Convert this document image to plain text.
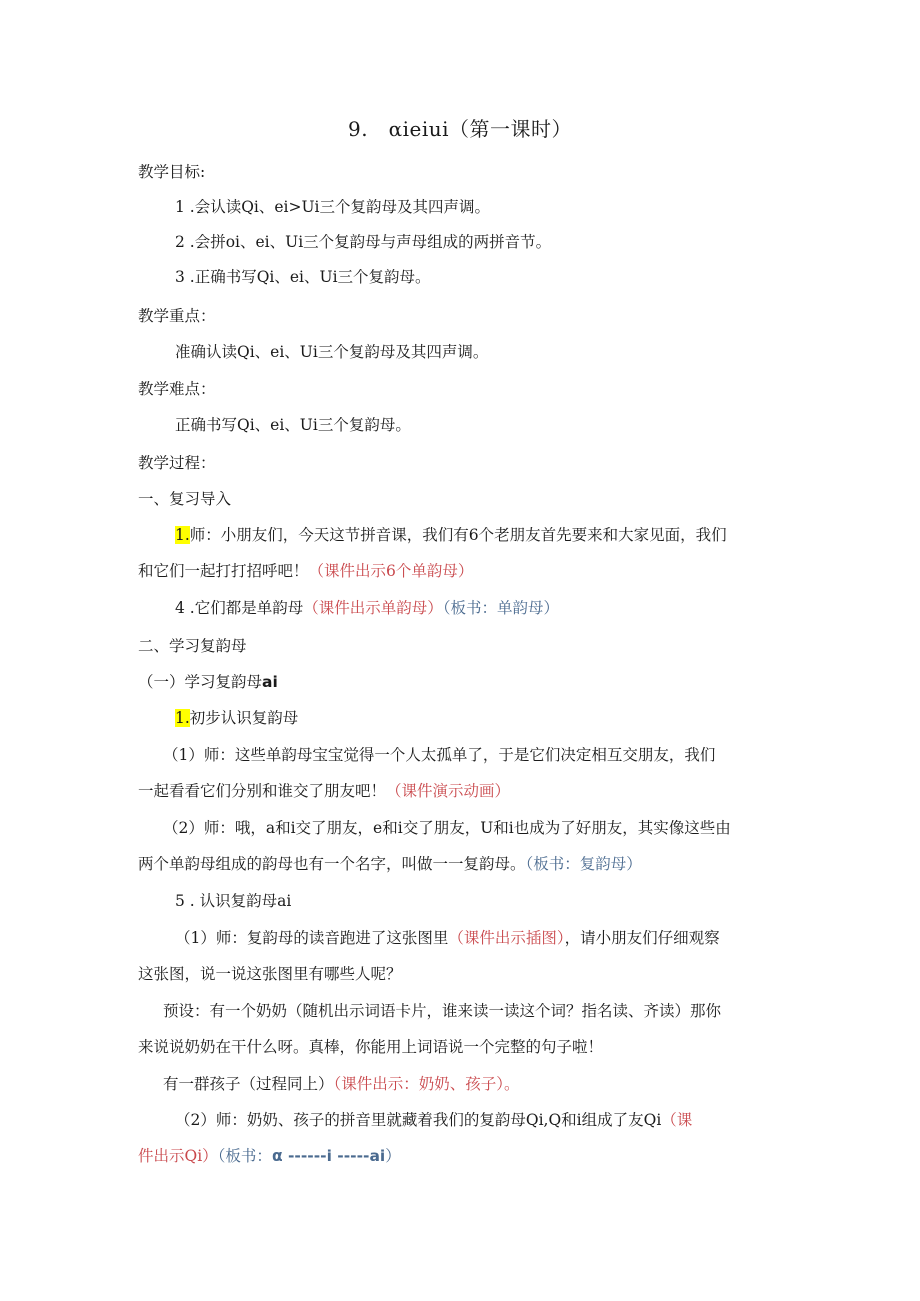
9.　αieiui（第一课时）
教学目标:
1 .会认读Qi、ei>Ui三个复韵母及其四声调。
2 .会拼oi、ei、Ui三个复韵母与声母组成的两拼音节。
3 .正确书写Qi、ei、Ui三个复韵母。
教学重点：
准确认读Qi、ei、Ui三个复韵母及其四声调。
教学难点：
正确书写Qi、ei、Ui三个复韵母。
教学过程：
一、复习导入
1.师：小朋友们，今天这节拼音课，我们有6个老朋友首先要来和大家见面，我们
和它们一起打打招呼吧！（课件出示6个单韵母）
4 .它们都是单韵母（课件出示单韵母）（板书：单韵母）
二、学习复韵母
（一）学习复韵母ai
1.初步认识复韵母
（1）师：这些单韵母宝宝觉得一个人太孤单了，于是它们决定相互交朋友，我们
一起看看它们分别和谁交了朋友吧！（课件演示动画）
（2）师：哦，a和i交了朋友，e和i交了朋友，U和i也成为了好朋友，其实像这些由
两个单韵母组成的韵母也有一个名字，叫做一一复韵母。（板书：复韵母）
5 . 认识复韵母ai
（1）师：复韵母的读音跑进了这张图里（课件出示插图），请小朋友们仔细观察
这张图，说一说这张图里有哪些人呢？
预设：有一个奶奶（随机出示词语卡片，谁来读一读这个词？指名读、齐读）那你
来说说奶奶在干什么呀。真棒，你能用上词语说一个完整的句子啦！
有一群孩子（过程同上）（课件出示：奶奶、孩子）。
（2）师：奶奶、孩子的拼音里就藏着我们的复韵母Qi,Q和i组成了友Qi（课
件出示Qi）（板书：α ------i -----ai）
